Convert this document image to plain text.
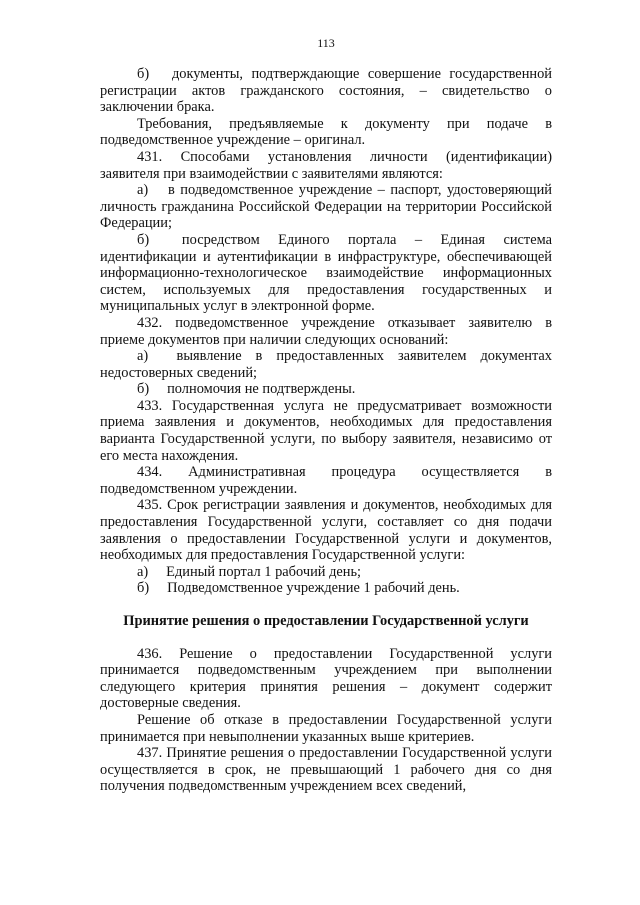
113

б)  документы, подтверждающие совершение государственной регистрации актов гражданского состояния, – свидетельство о заключении брака.

Требования, предъявляемые к документу при подаче в подведомственное учреждение – оригинал.

431. Способами установления личности (идентификации) заявителя при взаимодействии с заявителями являются:

а)  в подведомственное учреждение – паспорт, удостоверяющий личность гражданина Российской Федерации на территории Российской Федерации;

б)  посредством Единого портала – Единая система идентификации и аутентификации в инфраструктуре, обеспечивающей информационно-технологическое взаимодействие информационных систем, используемых для предоставления государственных и муниципальных услуг в электронной форме.

432. подведомственное учреждение отказывает заявителю в приеме документов при наличии следующих оснований:

а)  выявление в предоставленных заявителем документах недостоверных сведений;

б)  полномочия не подтверждены.

433. Государственная услуга не предусматривает возможности приема заявления и документов, необходимых для предоставления варианта Государственной услуги, по выбору заявителя, независимо от его места нахождения.

434. Административная процедура осуществляется в подведомственном учреждении.

435. Срок регистрации заявления и документов, необходимых для предоставления Государственной услуги, составляет со дня подачи заявления о предоставлении Государственной услуги и документов, необходимых для предоставления Государственной услуги:

а)  Единый портал 1 рабочий день;

б)  Подведомственное учреждение 1 рабочий день.

Принятие решения о предоставлении Государственной услуги

436. Решение о предоставлении Государственной услуги принимается подведомственным учреждением при выполнении следующего критерия принятия решения – документ содержит достоверные сведения.

Решение об отказе в предоставлении Государственной услуги принимается при невыполнении указанных выше критериев.

437. Принятие решения о предоставлении Государственной услуги осуществляется в срок, не превышающий 1 рабочего дня со дня получения подведомственным учреждением всех сведений,
